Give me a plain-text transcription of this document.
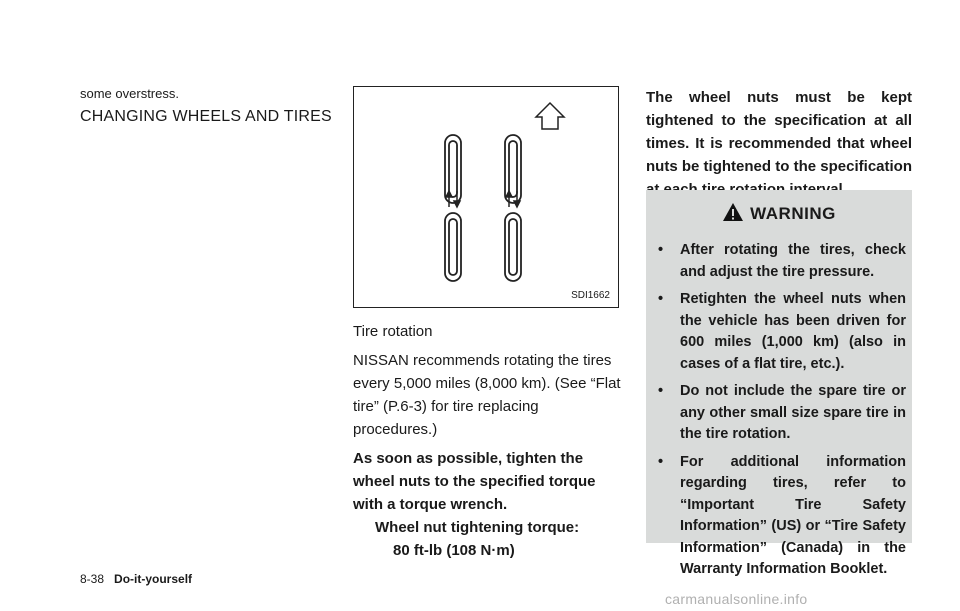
some overstress.
CHANGING WHEELS AND TIRES
SDI1662

Tire rotation

NISSAN recommends rotating the tires every 5,000 miles (8,000 km). (See “Flat tire” (P.6-3) for tire replacing procedures.)

As soon as possible, tighten the wheel nuts to the specified torque with a torque wrench.

Wheel nut tightening torque:

80 ft-lb (108 N·m)

The wheel nuts must be kept tightened to the specification at all times. It is recommended that wheel nuts be tightened to the specification

WARNING
• After rotating the tires, check and adjust the tire pressure.
• Retighten the wheel nuts when the vehicle has been driven for 600 miles (1,000 km) (also in cases of a flat tire, etc.).
• Do not include the spare tire or any other small size spare tire in the tire rotation.
• For additional information regarding tires, refer to “Important Tire Safety Information” (US) or “Tire Safety Information” (Canada) in the Warranty Information Booklet.
8-38 Do-it-yourself
carmanualsonline.info
